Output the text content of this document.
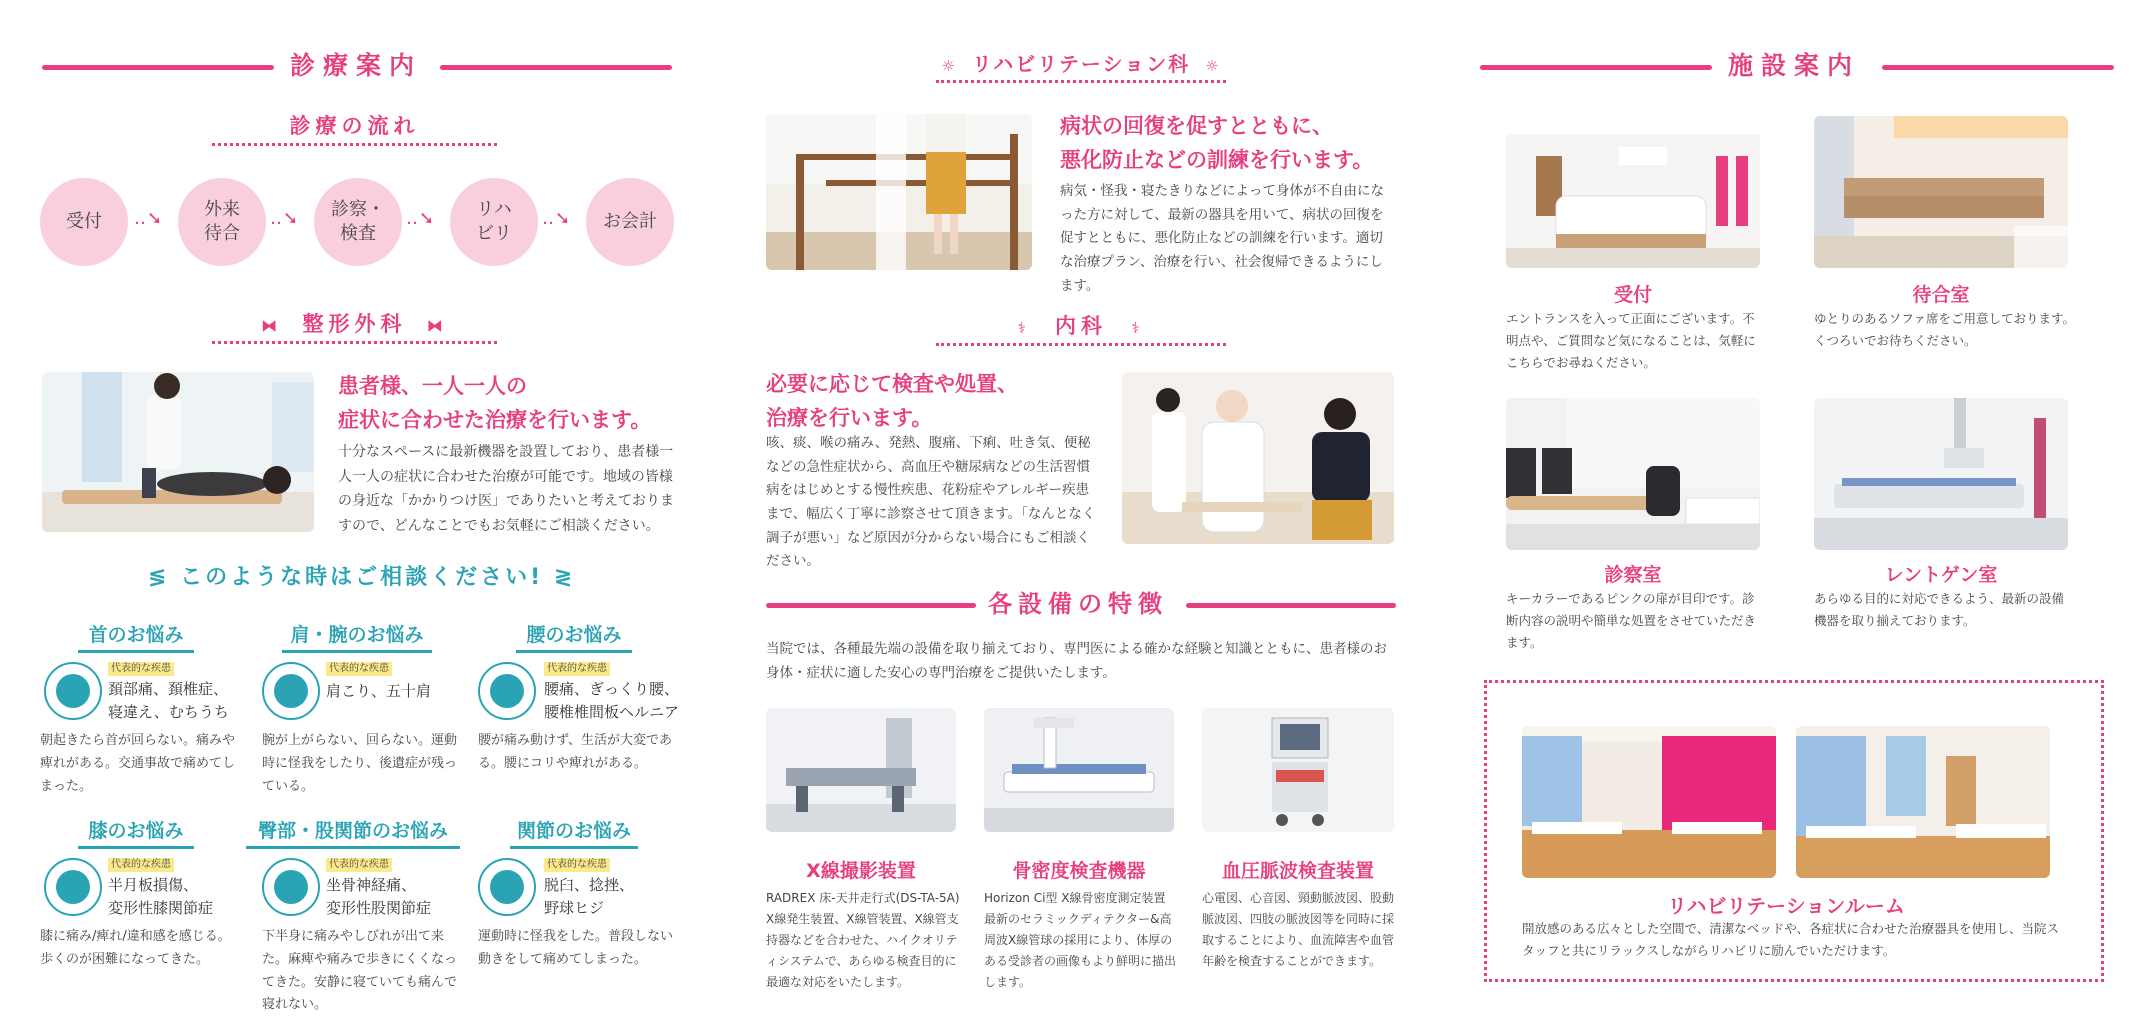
診療案内
診療の流れ
受付 ‥➘ 外来
待合
‥➘ 診察・
検査
‥➘ リハ
ビリ
‥➘ お会計
⧓ 整形外科 ⧓
患者様、一人一人の
症状に合わせた治療を行います。
十分なスペースに最新機器を設置しており、患者様一人一人の症状に合わせた治療が可能です。地域の皆様の身近な「かかりつけ医」でありたいと考えておりますので、どんなことでもお気軽にご相談ください。
≶ このような時はご相談ください! ≷
首のお悩み
代表的な疾患
頚部痛、頚椎症、
寝違え、むちうち
朝起きたら首が回らない。痛みや痺れがある。交通事故で痛めてしまった。
肩・腕のお悩み
代表的な疾患
肩こり、五十肩
腕が上がらない、回らない。運動時に怪我をしたり、後遺症が残っている。
腰のお悩み
代表的な疾患
腰痛、ぎっくり腰、
腰椎椎間板ヘルニア
腰が痛み動けず、生活が大変である。腰にコリや痺れがある。
膝のお悩み
代表的な疾患
半月板損傷、
変形性膝関節症
膝に痛み/痺れ/違和感を感じる。歩くのが困難になってきた。
臀部・股関節のお悩み
代表的な疾患
坐骨神経痛、
変形性股関節症
下半身に痛みやしびれが出て来た。麻痺や痛みで歩きにくくなってきた。安静に寝ていても痛んで寝れない。
関節のお悩み
代表的な疾患
脱臼、捻挫、
野球ヒジ
運動時に怪我をした。普段しない動きをして痛めてしまった。
☼ リハビリテーション科 ☼
病状の回復を促すとともに、
悪化防止などの訓練を行います。
病気・怪我・寝たきりなどによって身体が不自由になった方に対して、最新の器具を用いて、病状の回復を促すとともに、悪化防止などの訓練を行います。適切な治療プラン、治療を行い、社会復帰できるようにします。
⚕ 内科 ⚕
必要に応じて検査や処置、
治療を行います。
咳、痰、喉の痛み、発熱、腹痛、下痢、吐き気、便秘などの急性症状から、高血圧や糖尿病などの生活習慣病をはじめとする慢性疾患、花粉症やアレルギー疾患まで、幅広く丁寧に診察させて頂きます。「なんとなく調子が悪い」など原因が分からない場合にもご相談ください。
各設備の特徴
当院では、各種最先端の設備を取り揃えており、専門医による確かな経験と知識とともに、患者様のお身体・症状に適した安心の専門治療をご提供いたします。
X線撮影装置
RADREX 床-天井走行式(DS-TA-5A)
X線発生装置、X線管装置、X線管支持器などを合わせた、ハイクオリティシステムで、あらゆる検査目的に最適な対応をいたします。
骨密度検査機器
Horizon Ci型 X線骨密度測定装置
最新のセラミックディテクター&高周波X線管球の採用により、体厚のある受診者の画像もより鮮明に描出します。
血圧脈波検査装置
心電図、心音図、頸動脈波図、股動脈波図、四肢の脈波図等を同時に採取することにより、血流障害や血管年齢を検査することができます。
施設案内
受付
エントランスを入って正面にございます。不明点や、ご質問など気になることは、気軽にこちらでお尋ねください。
待合室
ゆとりのあるソファ席をご用意しております。くつろいでお待ちください。
診察室
キーカラーであるピンクの扉が目印です。診断内容の説明や簡単な処置をさせていただきます。
レントゲン室
あらゆる目的に対応できるよう、最新の設備機器を取り揃えております。
リハビリテーションルーム
開放感のある広々とした空間で、清潔なベッドや、各症状に合わせた治療器具を使用し、当院スタッフと共にリラックスしながらリハビリに励んでいただけます。
